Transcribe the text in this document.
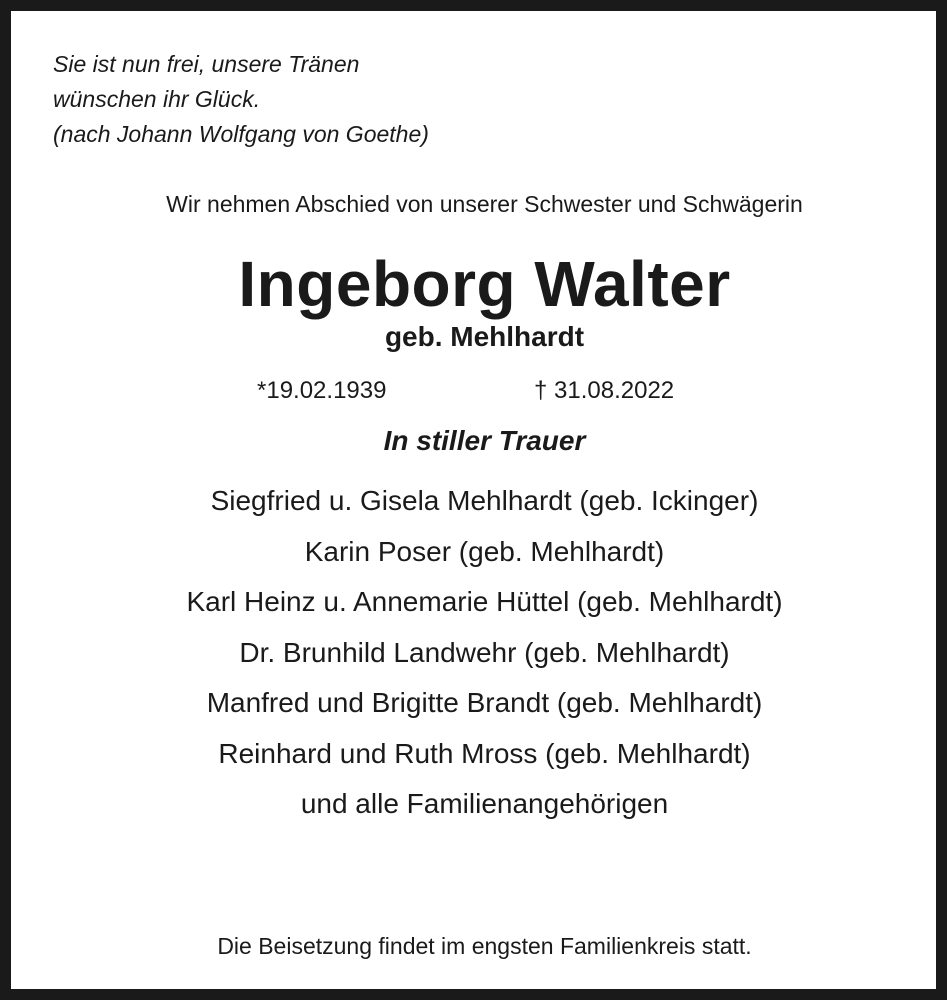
Sie ist nun frei, unsere Tränen
wünschen ihr Glück.
(nach Johann Wolfgang von Goethe)
Wir nehmen Abschied von unserer Schwester und Schwägerin
Ingeborg Walter
geb. Mehlhardt
*19.02.1939	† 31.08.2022
In stiller Trauer
Siegfried u. Gisela Mehlhardt (geb. Ickinger)
Karin Poser (geb. Mehlhardt)
Karl Heinz u. Annemarie Hüttel (geb. Mehlhardt)
Dr. Brunhild Landwehr (geb. Mehlhardt)
Manfred und Brigitte Brandt (geb. Mehlhardt)
Reinhard und Ruth Mross (geb. Mehlhardt)
und alle Familienangehörigen
Die Beisetzung findet im engsten Familienkreis statt.
